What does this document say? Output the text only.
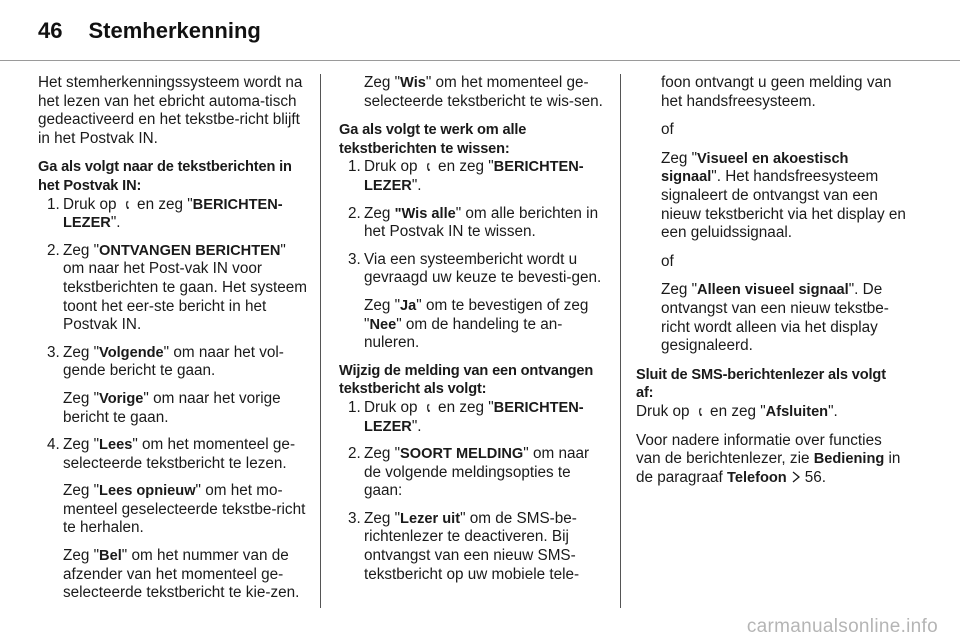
46 Stemherkenning

Het stemherkenningssysteem wordt na het lezen van het ebricht automa-tisch gedeactiveerd en het tekstbe-richt blijft in het Postvak IN.

Ga als volgt naar de tekstberichten in het Postvak IN:

1. Druk op 📞︎ en zeg "BERICHTEN-LEZER".
2. Zeg "ONTVANGEN BERICHTEN" om naar het Post-vak IN voor tekstberichten te gaan. Het systeem toont het eer-ste bericht in het Postvak IN.
3. Zeg "Volgende" om naar het vol-gende bericht te gaan.
Zeg "Vorige" om naar het vorige bericht te gaan.
4. Zeg "Lees" om het momenteel ge-selecteerde tekstbericht te lezen.
Zeg "Lees opnieuw" om het mo-menteel geselecteerde tekstbe-richt te herhalen.
Zeg "Bel" om het nummer van de afzender van het momenteel ge-selecteerde tekstbericht te kie-zen.

Zeg "Wis" om het momenteel ge-selecteerde tekstbericht te wis-sen.

Ga als volgt te werk om alle tekstberichten te wissen:

1. Druk op 📞︎ en zeg "BERICHTEN-LEZER".
2. Zeg "Wis alle" om alle berichten in het Postvak IN te wissen.
3. Via een systeembericht wordt u gevraagd uw keuze te bevesti-gen.
Zeg "Ja" om te bevestigen of zeg "Nee" om de handeling te an-nuleren.

Wijzig de melding van een ontvangen tekstbericht als volgt:

1. Druk op 📞︎ en zeg "BERICHTEN-LEZER".
2. Zeg "SOORT MELDING" om naar de volgende meldingsopties te gaan:
3. Zeg "Lezer uit" om de SMS-be-richtenlezer te deactiveren. Bij ontvangst van een nieuw SMS-tekstbericht op uw mobiele tele-

foon ontvangt u geen melding van het handsfreesysteem.

of

Zeg "Visueel en akoestisch signaal". Het handsfreesysteem signaleert de ontvangst van een nieuw tekstbericht via het display en een geluidssignaal.

of

Zeg "Alleen visueel signaal". De ontvangst van een nieuw tekstbe-richt wordt alleen via het display gesignaleerd.

Sluit de SMS-berichtenlezer als volgt af:

Druk op 📞︎ en zeg "Afsluiten".

Voor nadere informatie over functies van de berichtenlezer, zie Bediening in de paragraaf Telefoon 56.

carmanualsonline.info
